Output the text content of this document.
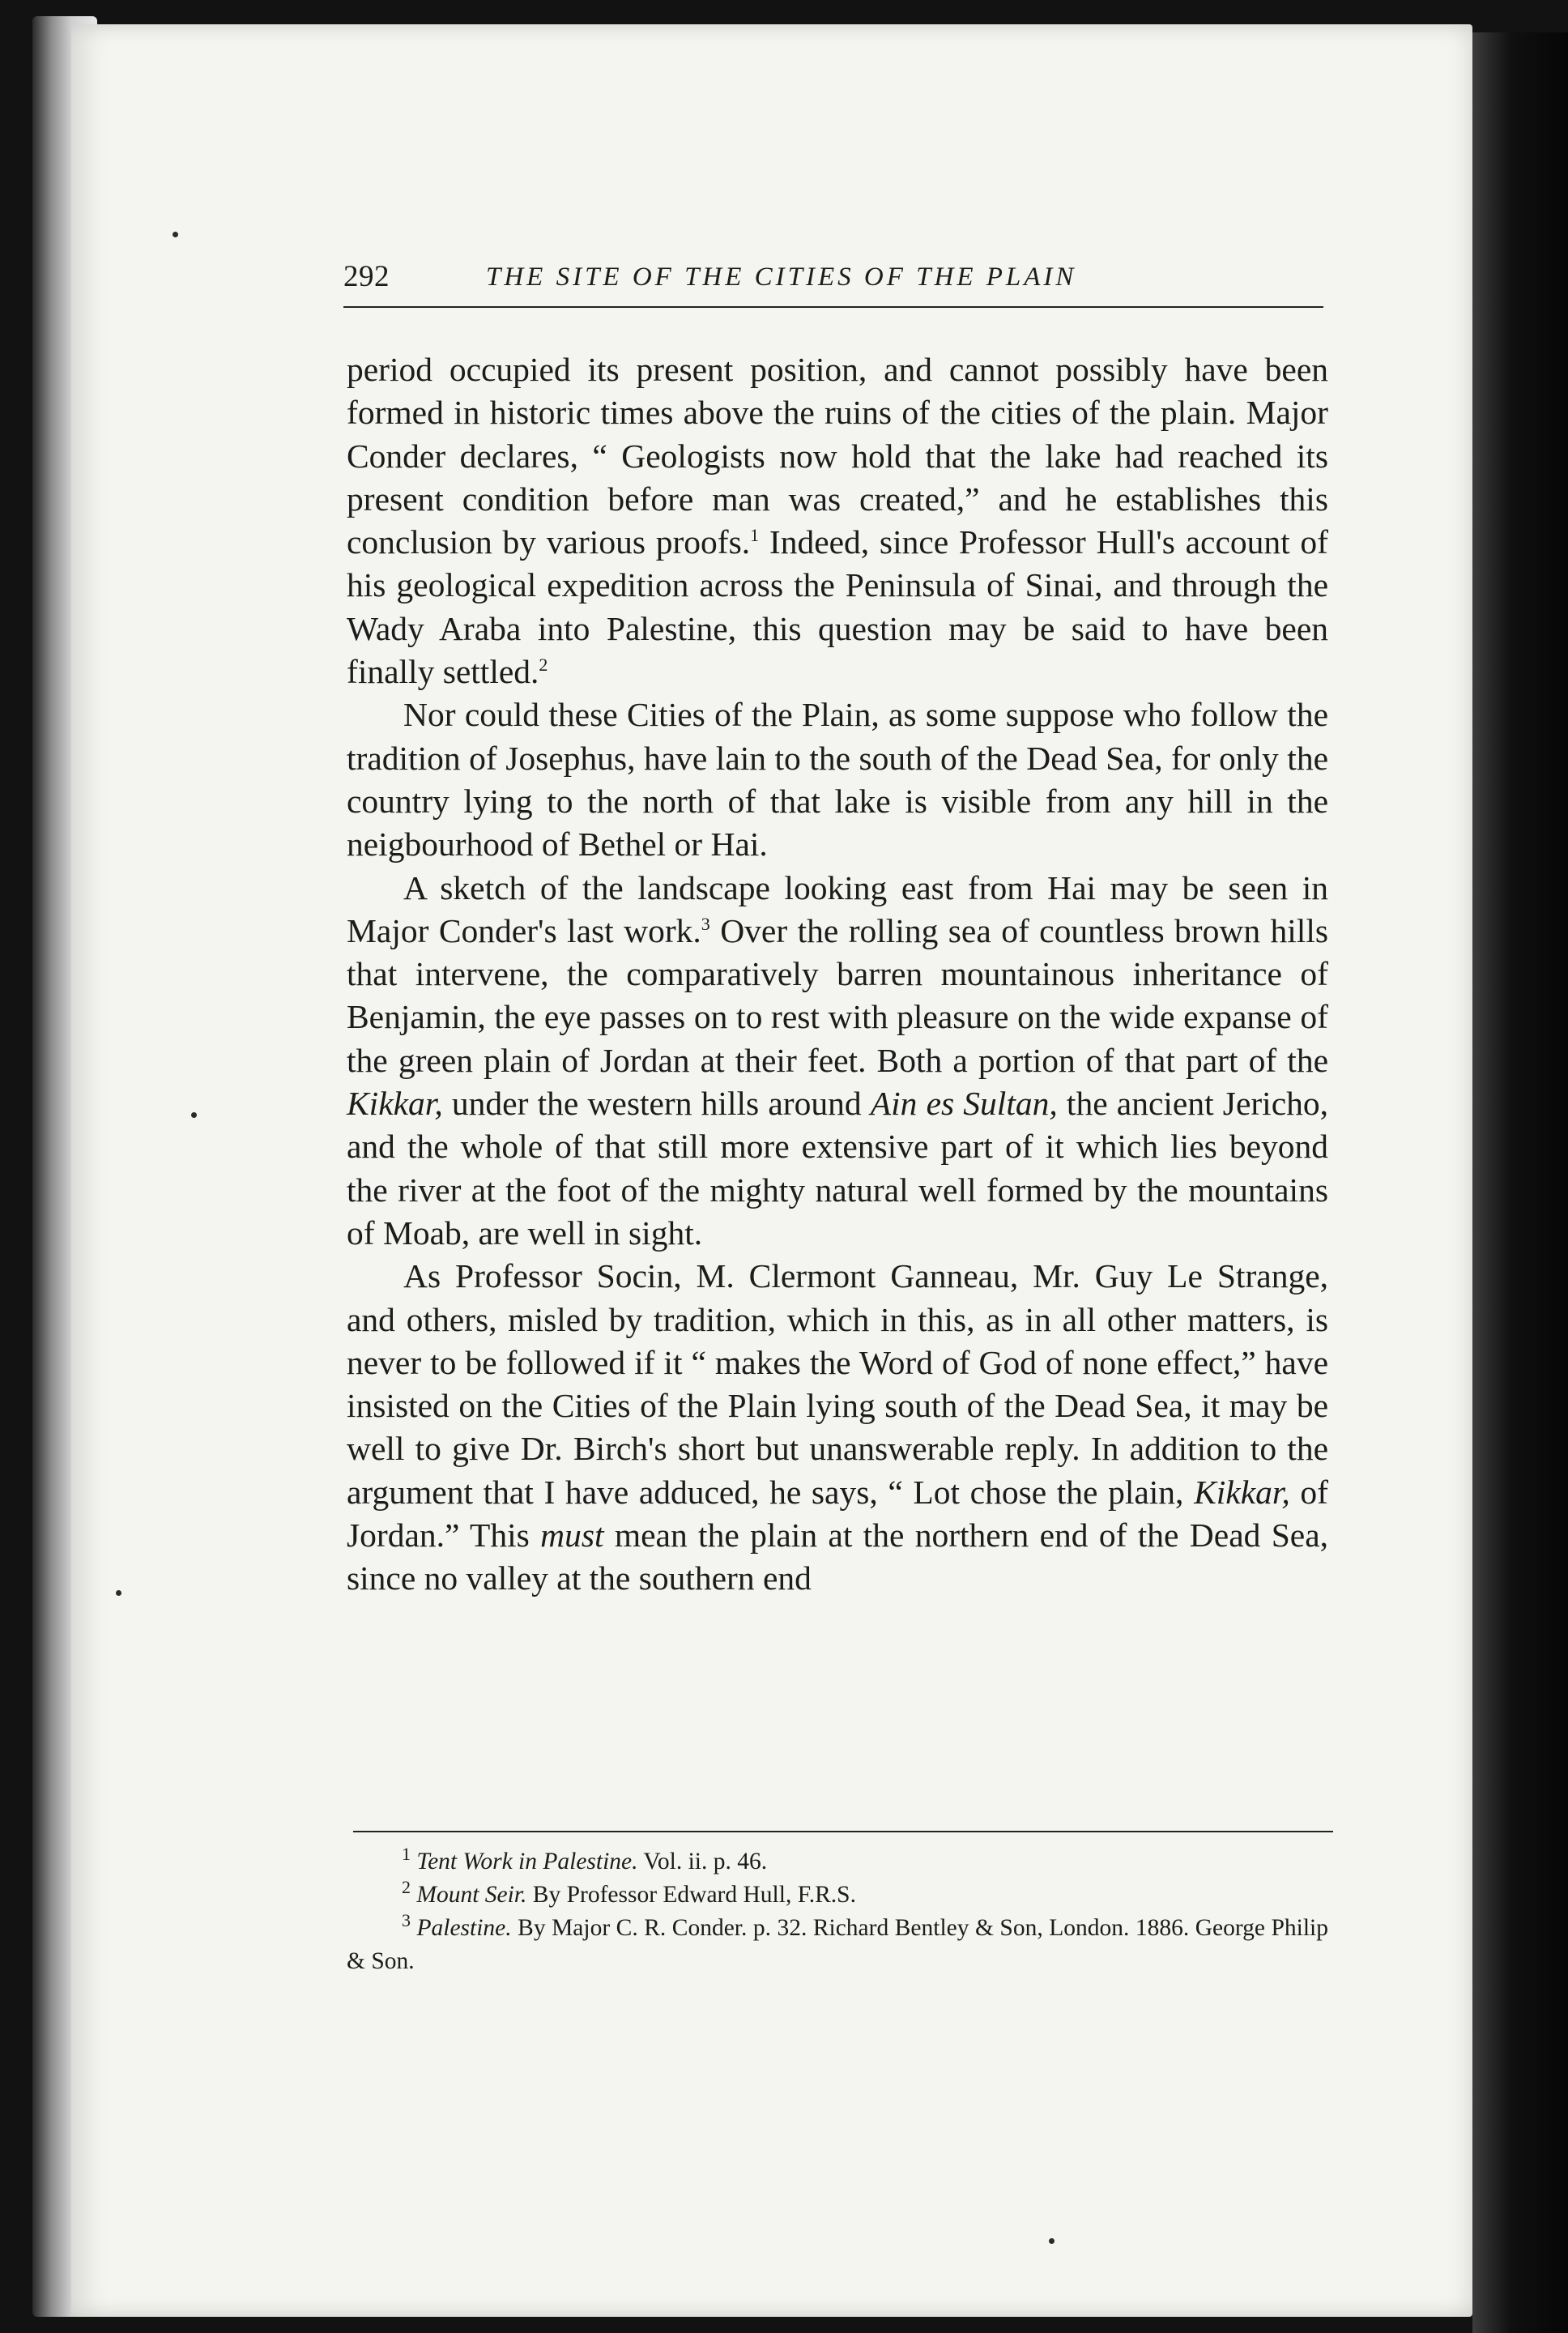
292	THE SITE OF THE CITIES OF THE PLAIN

period occupied its present position, and cannot possibly have been formed in historic times above the ruins of the cities of the plain. Major Conder declares, “ Geologists now hold that the lake had reached its present condition before man was created,” and he establishes this conclusion by various proofs.$^1$ Indeed, since Professor Hull's account of his geological expedition across the Peninsula of Sinai, and through the Wady Araba into Palestine, this question may be said to have been finally settled.$^2$

Nor could these Cities of the Plain, as some suppose who follow the tradition of Josephus, have lain to the south of the Dead Sea, for only the country lying to the north of that lake is visible from any hill in the neigbourhood of Bethel or Hai.

A sketch of the landscape looking east from Hai may be seen in Major Conder's last work.$^3$ Over the rolling sea of countless brown hills that intervene, the comparatively barren mountainous inheritance of Benjamin, the eye passes on to rest with pleasure on the wide expanse of the green plain of Jordan at their feet. Both a portion of that part of the Kikkar, under the western hills around Ain es Sultan, the ancient Jericho, and the whole of that still more extensive part of it which lies beyond the river at the foot of the mighty natural well formed by the mountains of Moab, are well in sight.

As Professor Socin, M. Clermont Ganneau, Mr. Guy Le Strange, and others, misled by tradition, which in this, as in all other matters, is never to be followed if it “ makes the Word of God of none effect,” have insisted on the Cities of the Plain lying south of the Dead Sea, it may be well to give Dr. Birch's short but unanswerable reply. In addition to the argument that I have adduced, he says, “ Lot chose the plain, Kikkar, of Jordan.” This must mean the plain at the northern end of the Dead Sea, since no valley at the southern end

$^1$ Tent Work in Palestine. Vol. ii. p. 46.

$^2$ Mount Seir. By Professor Edward Hull, F.R.S.

$^3$ Palestine. By Major C. R. Conder. p. 32. Richard Bentley & Son, London. 1886. George Philip & Son.
